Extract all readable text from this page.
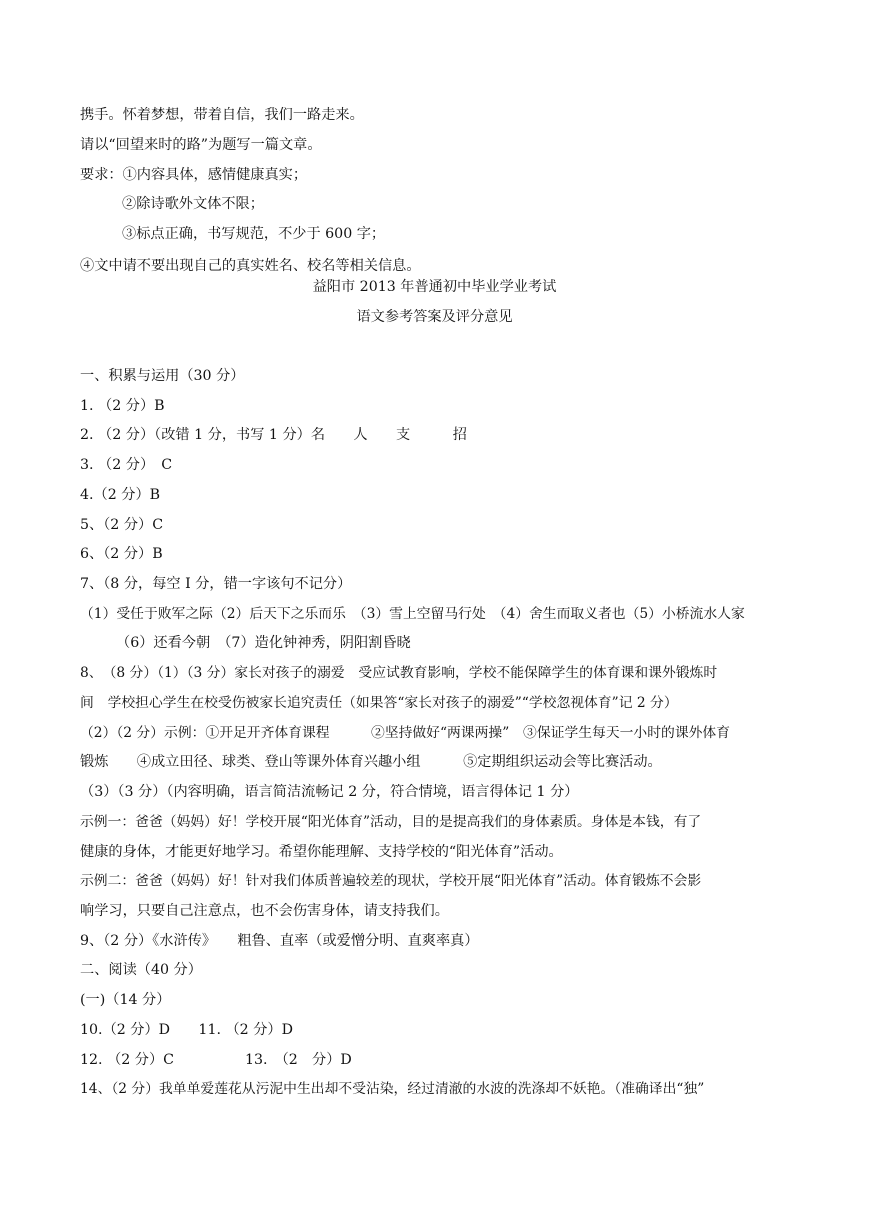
携手。怀着梦想，带着自信，我们一路走来。
请以“回望来时的路”为题写一篇文章。
要求：①内容具体，感情健康真实；
②除诗歌外文体不限；
③标点正确，书写规范，不少于 600 字；
④文中请不要出现自己的真实姓名、校名等相关信息。
益阳市 2013 年普通初中毕业学业考试
语文参考答案及评分意见
一、积累与运用（30 分）
1. （2 分）B
2. （2 分）（改错 1 分，书写 1 分）名　　人　　支　　　招
3. （2 分）　C
4.（2 分）B
5、（2 分）C
6、（2 分）B
7、（8 分，每空 I 分，错一字该句不记分）
（1）受任于败军之际（2）后天下之乐而乐　（3）雪上空留马行处　（4）舍生而取义者也（5）小桥流水人家
（6）还看今朝　（7）造化钟神秀，阴阳割昏晓
8、　（8 分）（1）（3 分）家长对孩子的溺爱　受应试教育影响，学校不能保障学生的体育课和课外锻炼时
间　学校担心学生在校受伤被家长追究责任（如果答“家长对孩子的溺爱”“学校忽视体育”记 2 分）
（2）（2 分）示例：①开足开齐体育课程　　　②坚持做好“两课两操”　③保证学生每天一小时的课外体育
锻炼　　④成立田径、球类、登山等课外体育兴趣小组　　　⑤定期组织运动会等比赛活动。
（3）（3 分）（内容明确，语言简洁流畅记 2 分，符合情境，语言得体记 1 分）
示例一：爸爸（妈妈）好！学校开展“阳光体育”活动，目的是提高我们的身体素质。身体是本钱，有了
健康的身体，才能更好地学习。希望你能理解、支持学校的“阳光体育”活动。
示例二：爸爸（妈妈）好！针对我们体质普遍较差的现状，学校开展“阳光体育”活动。体育锻炼不会影
响学习，只要自己注意点，也不会伤害身体，请支持我们。
9、（2 分）《水浒传》　　粗鲁、直率（或爱憎分明、直爽率真）
二、阅读（40 分）
(一)（14 分）
10.（2 分）D　　11. （2 分）D
12. （2 分）C　　　　　13.　（2　分）D
14、（2 分）我单单爱莲花从污泥中生出却不受沾染，经过清澈的水波的洗涤却不妖艳。（准确译出“独”
